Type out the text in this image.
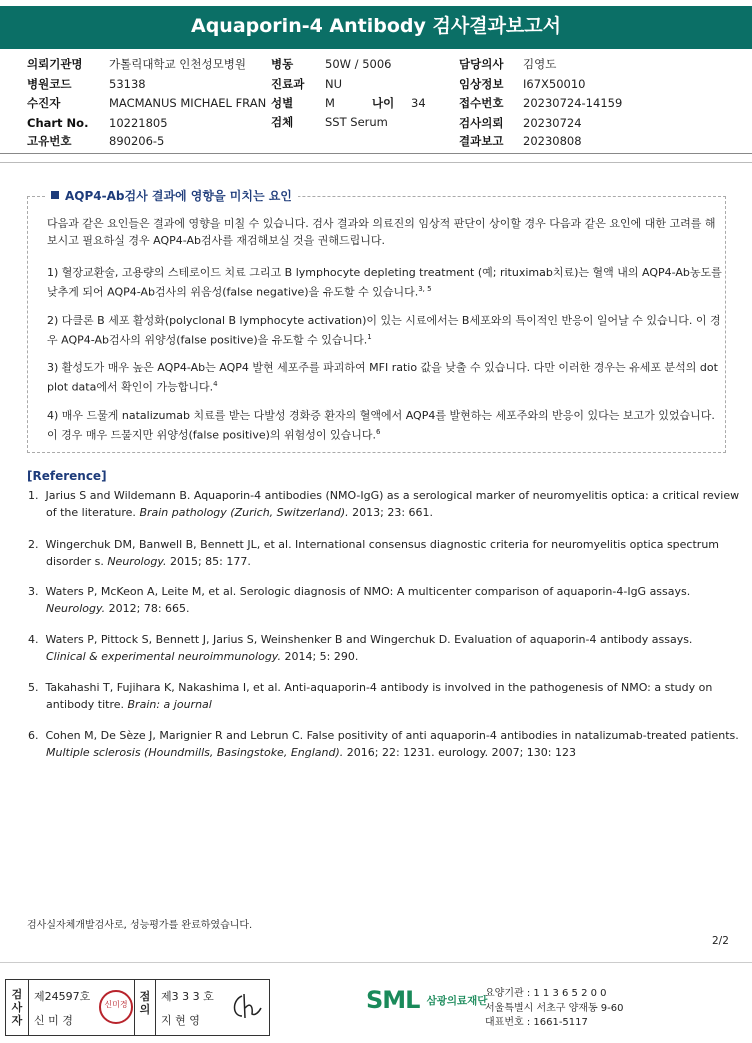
Aquaporin-4 Antibody 검사결과보고서
의뢰기관명 가톨릭대학교 인천성모병원
병원코드	53138
수진자	MACMANUS MICHAEL FRAN
Chart No. 10221805
고유번호	890206-5
병동	50W / 5006
진료과 NU
성별	M	나이 34
검체	SST Serum
담당의사 김영도
임상정보 I67X50010
접수번호 20230724-14159
검사의뢰 20230724
결과보고 20230808
AQP4-Ab검사 결과에 영향을 미치는 요인
다음과 같은 요인들은 결과에 영향을 미칠 수 있습니다. 검사 결과와 의료진의 임상적 판단이 상이할 경우 다음과 같은 요인에 대한 고려를 해 보시고 필요하실 경우 AQP4-Ab검사를 재검해보실 것을 권해드립니다.
1) 혈장교환술, 고용량의 스테로이드 치료 그리고 B lymphocyte depleting treatment (예; rituximab치료)는 혈액 내의 AQP4-Ab농도를 낮추게 되어 AQP4-Ab검사의 위음성(false negative)을 유도할 수 있습니다.$^{3, 5}$
2) 다클론 B 세포 활성화(polyclonal B lymphocyte activation)이 있는 시료에서는 B세포와의 특이적인 반응이 일어날 수 있습니다. 이 경우 AQP4-Ab검사의 위양성(false positive)을 유도할 수 있습니다.$^1$
3) 활성도가 매우 높은 AQP4-Ab는 AQP4 발현 세포주를 파괴하여 MFI ratio 값을 낮출 수 있습니다. 다만 이러한 경우는 유세포 분석의 dot plot data에서 확인이 가능합니다.$^4$
4) 매우 드물게 natalizumab 치료를 받는 다발성 경화증 환자의 혈액에서 AQP4를 발현하는 세포주와의 반응이 있다는 보고가 있었습니다. 이 경우 매우 드물지만 위양성(false positive)의 위험성이 있습니다.$^6$
[Reference]
1. Jarius S and Wildemann B. Aquaporin-4 antibodies (NMO-IgG) as a serological marker of neuromyelitis optica: a critical review
of the literature. Brain pathology (Zurich, Switzerland). 2013; 23: 661.
2. Wingerchuk DM, Banwell B, Bennett JL, et al. International consensus diagnostic criteria for neuromyelitis optica spectrum
disorder s. Neurology. 2015; 85: 177.
3. Waters P, McKeon A, Leite M, et al. Serologic diagnosis of NMO: A multicenter comparison of aquaporin-4-IgG assays.
Neurology. 2012; 78: 665.
4. Waters P, Pittock S, Bennett J, Jarius S, Weinshenker B and Wingerchuk D. Evaluation of aquaporin-4 antibody assays.
Clinical & experimental neuroimmunology. 2014; 5: 290.
5. Takahashi T, Fujihara K, Nakashima I, et al. Anti-aquaporin-4 antibody is involved in the pathogenesis of NMO: a study on
antibody titre. Brain: a journal
6. Cohen M, De Sèze J, Marignier R and Lebrun C. False positivity of anti aquaporin-4 antibodies in natalizumab-treated patients.
Multiple sclerosis (Houndmills, Basingstoke, England). 2016; 22: 1231. eurology. 2007; 130: 123
검사실자체개발검사로, 성능평가를 완료하였습니다.
2/2
검사자
제24597호
신 미 경
신미경
점의
제3 3 3 호
지 현 영
SML $^{삼광의료재단}$
요양기관 : 1 1 3 6 5 2 0 0
서울특별시 서초구 양재동 9-60
대표번호 : 1661-5117
